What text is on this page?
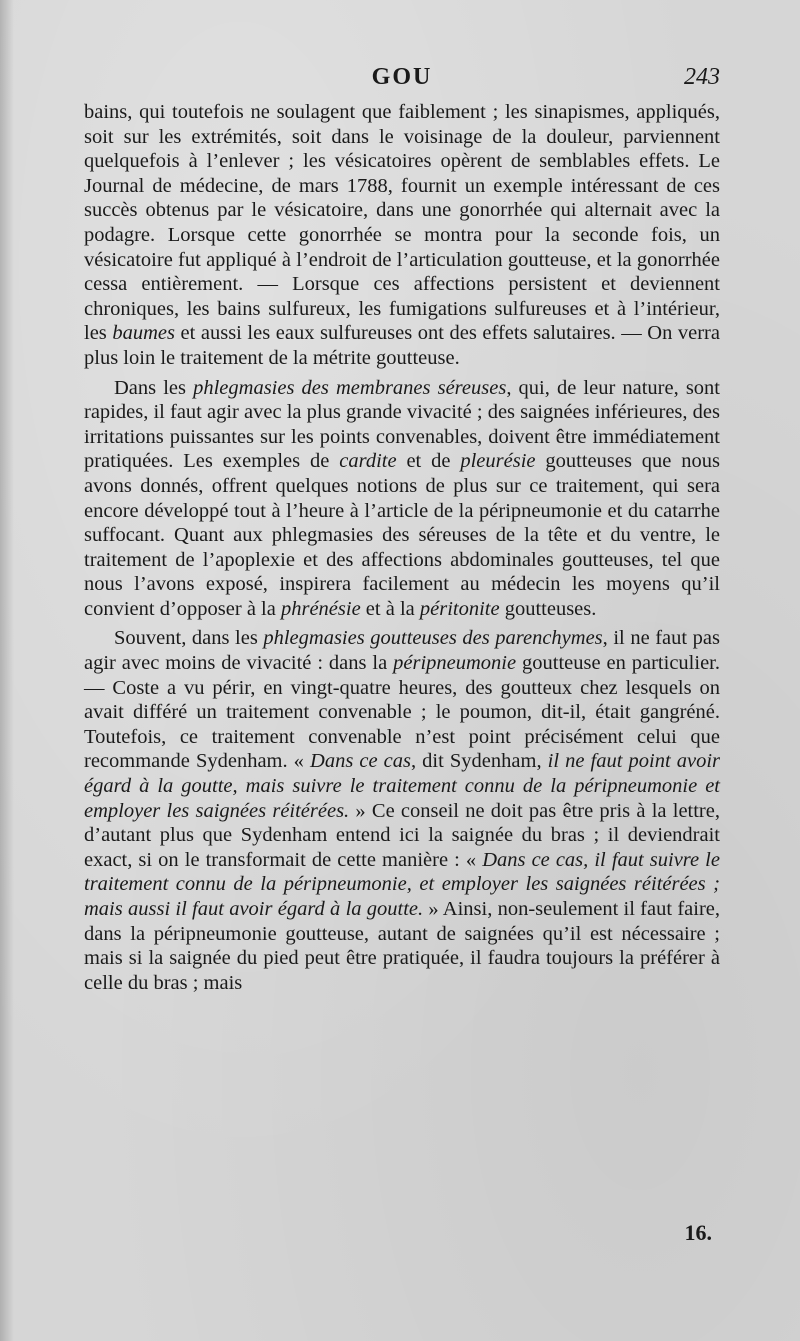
GOU	243

bains, qui toutefois ne soulagent que faiblement ; les sinapismes, appliqués, soit sur les extrémités, soit dans le voisinage de la douleur, parviennent quelquefois à l’enlever ; les vésicatoires opèrent de semblables effets. Le Journal de médecine, de mars 1788, fournit un exemple intéressant de ces succès obtenus par le vésicatoire, dans une gonorrhée qui alternait avec la podagre. Lorsque cette gonorrhée se montra pour la seconde fois, un vésicatoire fut appliqué à l’endroit de l’articulation goutteuse, et la gonorrhée cessa entièrement. — Lorsque ces affections persistent et deviennent chroniques, les bains sulfureux, les fumigations sulfureuses et à l’intérieur, les baumes et aussi les eaux sulfureuses ont des effets salutaires. — On verra plus loin le traitement de la métrite goutteuse.

Dans les phlegmasies des membranes séreuses, qui, de leur nature, sont rapides, il faut agir avec la plus grande vivacité ; des saignées inférieures, des irritations puissantes sur les points convenables, doivent être immédiatement pratiquées. Les exemples de cardite et de pleurésie goutteuses que nous avons donnés, offrent quelques notions de plus sur ce traitement, qui sera encore développé tout à l’heure à l’article de la péripneumonie et du catarrhe suffocant. Quant aux phlegmasies des séreuses de la tête et du ventre, le traitement de l’apoplexie et des affections abdominales goutteuses, tel que nous l’avons exposé, inspirera facilement au médecin les moyens qu’il convient d’opposer à la phrénésie et à la péritonite goutteuses.

Souvent, dans les phlegmasies goutteuses des parenchymes, il ne faut pas agir avec moins de vivacité : dans la péripneumonie goutteuse en particulier. — Coste a vu périr, en vingt-quatre heures, des goutteux chez lesquels on avait différé un traitement convenable ; le poumon, dit-il, était gangréné. Toutefois, ce traitement convenable n’est point précisément celui que recommande Sydenham. « Dans ce cas, dit Sydenham, il ne faut point avoir égard à la goutte, mais suivre le traitement connu de la péripneumonie et employer les saignées réitérées. » Ce conseil ne doit pas être pris à la lettre, d’autant plus que Sydenham entend ici la saignée du bras ; il deviendrait exact, si on le transformait de cette manière : « Dans ce cas, il faut suivre le traitement connu de la péripneumonie, et employer les saignées réitérées ; mais aussi il faut avoir égard à la goutte. » Ainsi, non-seulement il faut faire, dans la péripneumonie goutteuse, autant de saignées qu’il est nécessaire ; mais si la saignée du pied peut être pratiquée, il faudra toujours la préférer à celle du bras ; mais

16.
